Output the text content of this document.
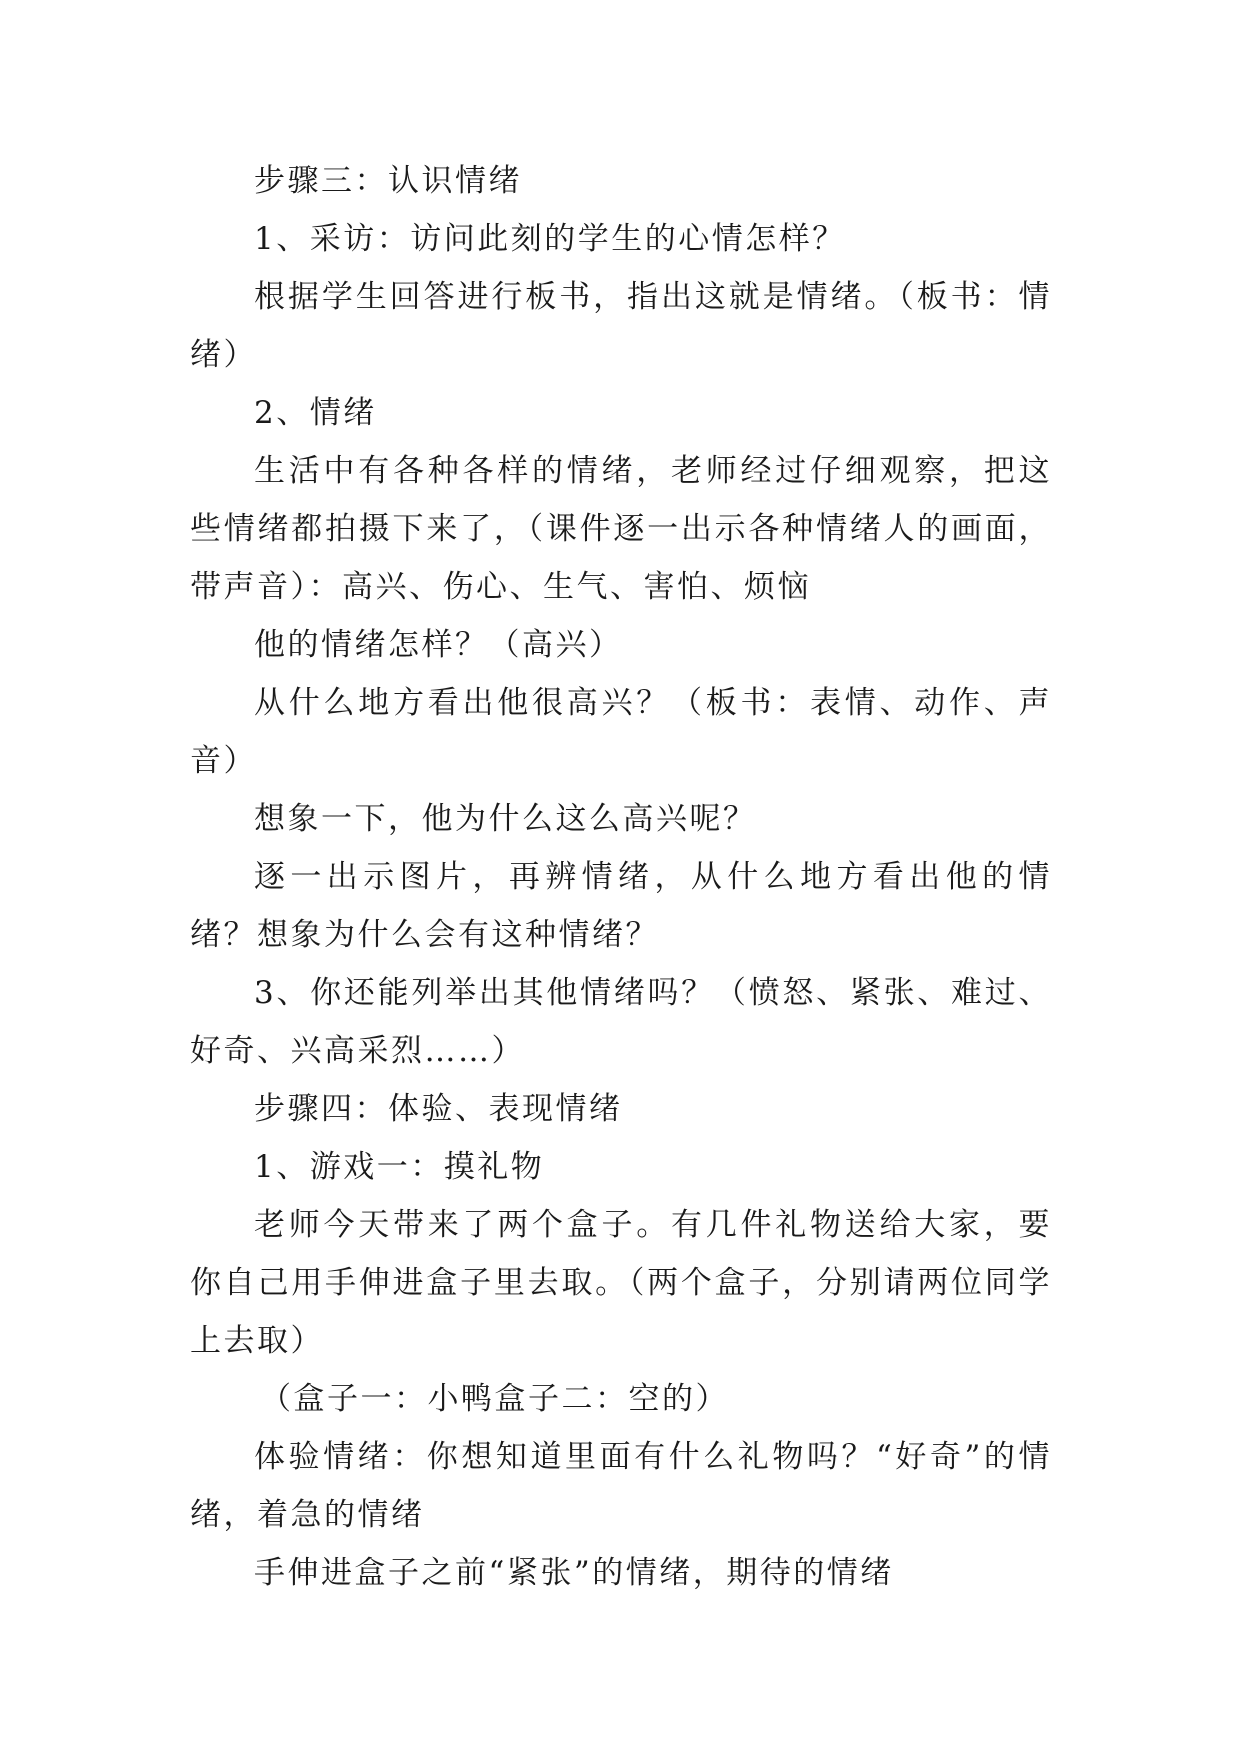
步骤三：认识情绪

1、采访：访问此刻的学生的心情怎样？

根据学生回答进行板书，指出这就是情绪。（板书：情绪）

2、情绪

生活中有各种各样的情绪，老师经过仔细观察，把这些情绪都拍摄下来了，（课件逐一出示各种情绪人的画面，带声音）：高兴、伤心、生气、害怕、烦恼

他的情绪怎样？（高兴）

从什么地方看出他很高兴？（板书：表情、动作、声音）

想象一下，他为什么这么高兴呢？

逐一出示图片，再辨情绪，从什么地方看出他的情绪？想象为什么会有这种情绪？

3、你还能列举出其他情绪吗？（愤怒、紧张、难过、好奇、兴高采烈……）

步骤四：体验、表现情绪

1、游戏一：摸礼物

老师今天带来了两个盒子。有几件礼物送给大家，要你自己用手伸进盒子里去取。（两个盒子，分别请两位同学上去取）

（盒子一：小鸭盒子二：空的）

体验情绪：你想知道里面有什么礼物吗？“好奇”的情绪，着急的情绪

手伸进盒子之前“紧张”的情绪，期待的情绪
